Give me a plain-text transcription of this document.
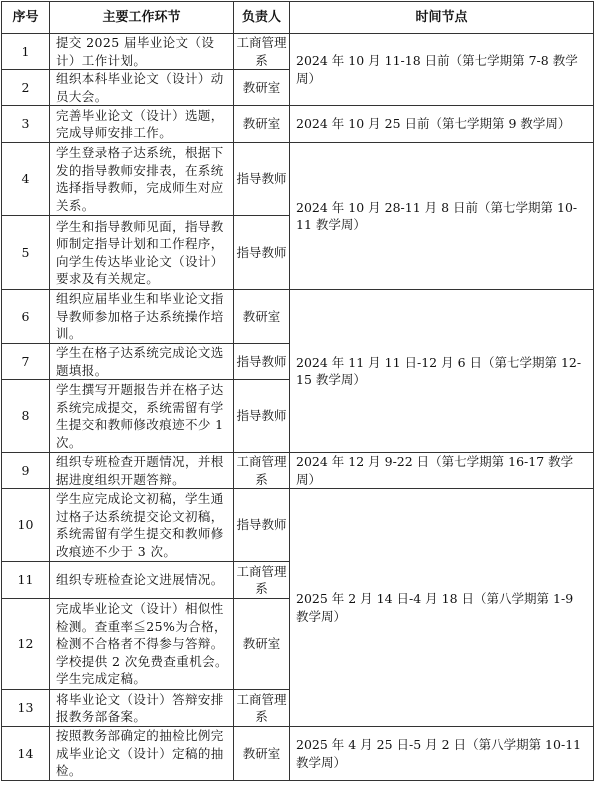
序号	主要工作环节	负责人	时间节点
1	提交 2025 届毕业论文（设计）工作计划。	工商管理系	2024 年 10 月 11-18 日前（第七学期第 7-8 教学周）
2	组织本科毕业论文（设计）动员大会。	教研室	
3	完善毕业论文（设计）选题，完成导师安排工作。	教研室	2024 年 10 月 25 日前（第七学期第 9 教学周）
4	学生登录格子达系统，根据下发的指导教师安排表，在系统选择指导教师，完成师生对应关系。	指导教师	2024 年 10 月 28-11 月 8 日前（第七学期第 10-11 教学周）
5	学生和指导教师见面，指导教师制定指导计划和工作程序，向学生传达毕业论文（设计）要求及有关规定。	指导教师	
6	组织应届毕业生和毕业论文指导教师参加格子达系统操作培训。	教研室	2024 年 11 月 11 日-12 月 6 日（第七学期第 12-15 教学周）
7	学生在格子达系统完成论文选题填报。	指导教师	
8	学生撰写开题报告并在格子达系统完成提交，系统需留有学生提交和教师修改痕迹不少 1 次。	指导教师	
9	组织专班检查开题情况，并根据进度组织开题答辩。	工商管理系	2024 年 12 月 9-22 日（第七学期第 16-17 教学周）
10	学生应完成论文初稿，学生通过格子达系统提交论文初稿，系统需留有学生提交和教师修改痕迹不少于 3 次。	指导教师	2025 年 2 月 14 日-4 月 18 日（第八学期第 1-9 教学周）
11	组织专班检查论文进展情况。	工商管理系	
12	完成毕业论文（设计）相似性检测。查重率≦25%为合格，检测不合格者不得参与答辩。学校提供 2 次免费查重机会。学生完成定稿。	教研室	
13	将毕业论文（设计）答辩安排报教务部备案。	工商管理系	
14	按照教务部确定的抽检比例完成毕业论文（设计）定稿的抽检。	教研室	2025 年 4 月 25 日-5 月 2 日（第八学期第 10-11 教学周）
